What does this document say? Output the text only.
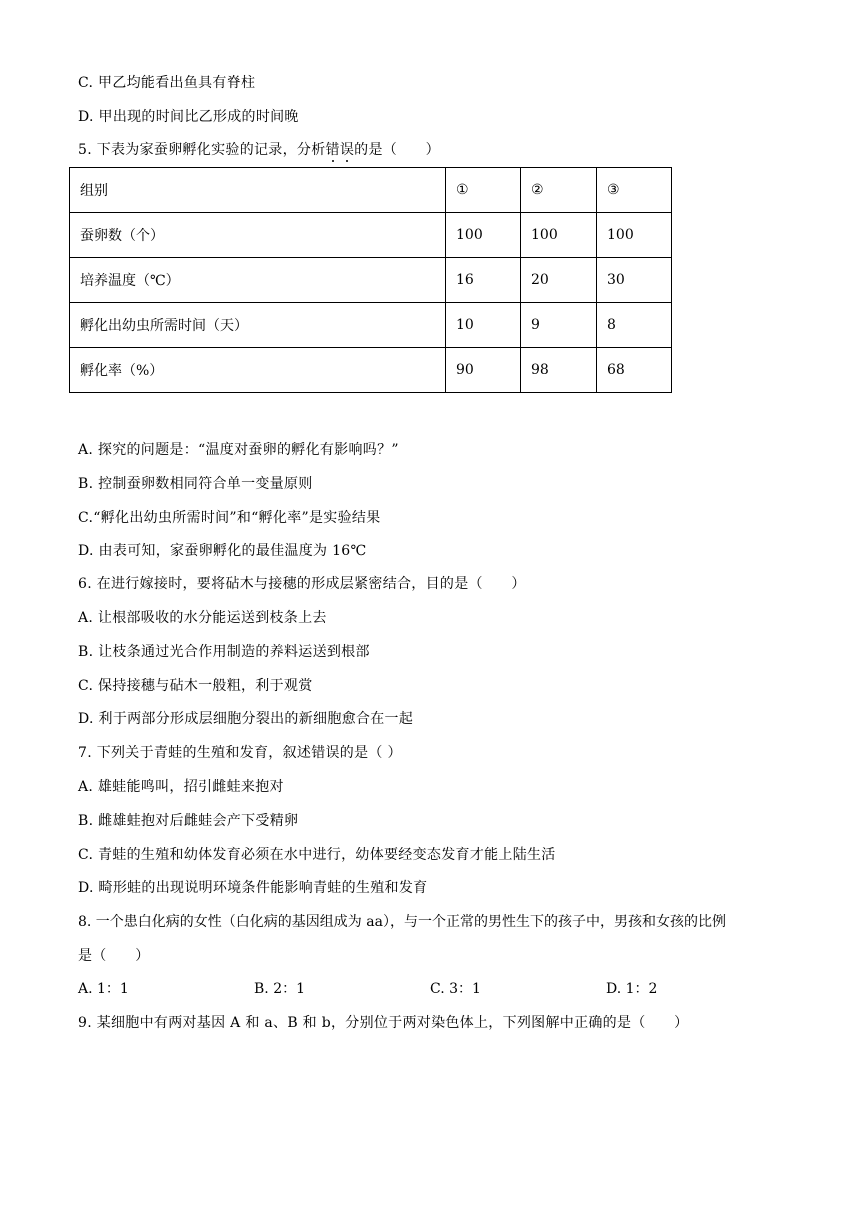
C. 甲乙均能看出鱼具有脊柱
D. 甲出现的时间比乙形成的时间晚
5. 下表为家蚕卵孵化实验的记录，分析错误的是（　　）
组别	①	②	③
蚕卵数（个）	100	100	100
培养温度（℃）	16	20	30
孵化出幼虫所需时间（天）	10	9	8
孵化率（%）	90	98	68
A. 探究的问题是：“温度对蚕卵的孵化有影响吗？”
B. 控制蚕卵数相同符合单一变量原则
C.“孵化出幼虫所需时间”和“孵化率”是实验结果
D. 由表可知，家蚕卵孵化的最佳温度为 16℃
6. 在进行嫁接时，要将砧木与接穗的形成层紧密结合，目的是（　　）
A. 让根部吸收的水分能运送到枝条上去
B. 让枝条通过光合作用制造的养料运送到根部
C. 保持接穗与砧木一般粗，利于观赏
D. 利于两部分形成层细胞分裂出的新细胞愈合在一起
7. 下列关于青蛙的生殖和发育，叙述错误的是（ ）
A. 雄蛙能鸣叫，招引雌蛙来抱对
B. 雌雄蛙抱对后雌蛙会产下受精卵
C. 青蛙的生殖和幼体发育必须在水中进行，幼体要经变态发育才能上陆生活
D. 畸形蛙的出现说明环境条件能影响青蛙的生殖和发育
8. 一个患白化病的女性（白化病的基因组成为 aa），与一个正常的男性生下的孩子中，男孩和女孩的比例
是（　　）
A. 1：1	B. 2：1	C. 3：1	D. 1：2
9. 某细胞中有两对基因 A 和 a、B 和 b，分别位于两对染色体上，下列图解中正确的是（　　）
